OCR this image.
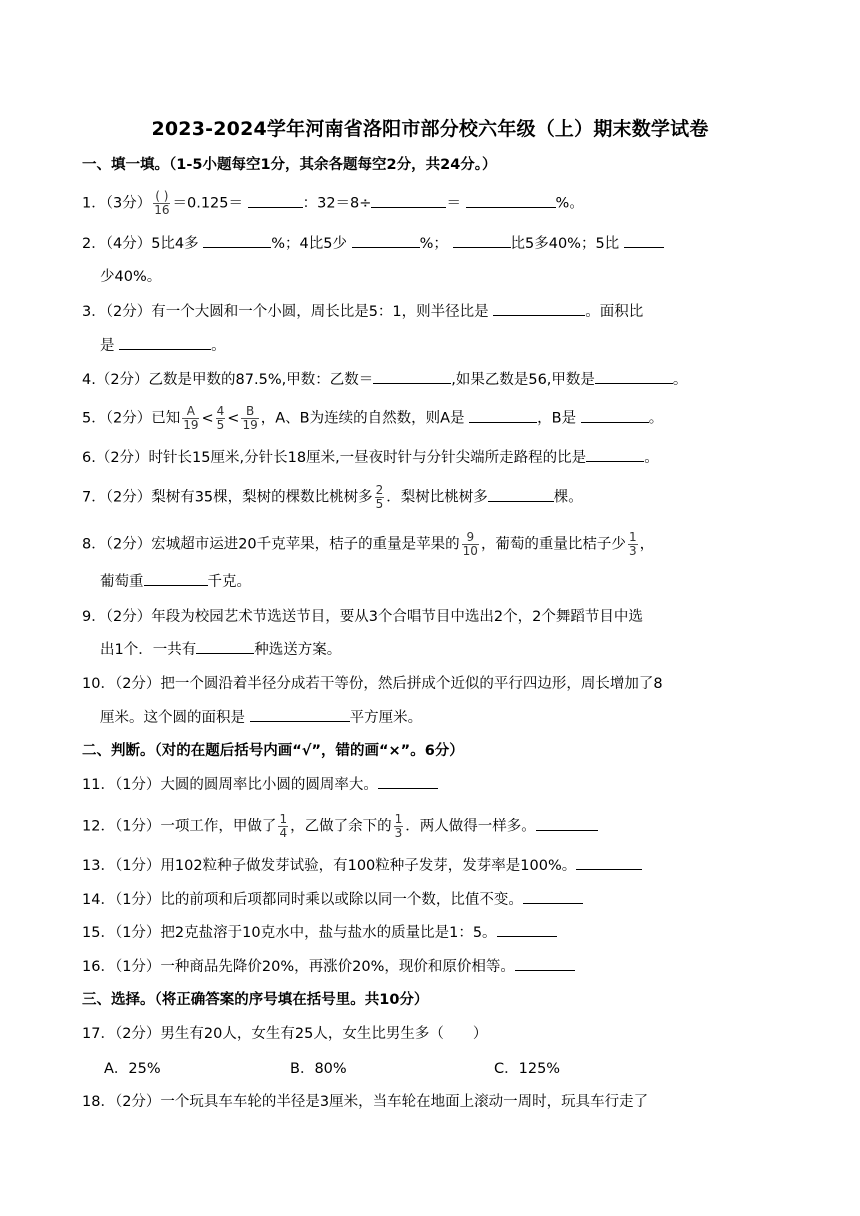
2023-2024学年河南省洛阳市部分校六年级（上）期末数学试卷
一、填一填。（1-5小题每空1分，其余各题每空2分，共24分。）
1．（3分） $\frac{( )}{16} =0.125=$	：32＝8÷	＝	%。
2．（4分）5比4多	%；4比5少	%；	比5多40%；5比
少40%。
3．（2分）有一个大圆和一个小圆，周长比是5：1，则半径比是	。面积比
是	。
4.（2分）乙数是甲数的87.5%,甲数：乙数＝	,如果乙数是56,甲数是	。
5．（2分）已知 $\frac{A}{19} < \frac{4}{5} < \frac{B}{19}$ ，A、B为连续的自然数，则A是	，B是	。
6.（2分）时针长15厘米,分针长18厘米,一昼夜时针与分针尖端所走路程的比是	。
7．（2分）梨树有35棵，梨树的棵数比桃树多 $\frac{2}{5}$ ．梨树比桃树多	棵。
8．（2分）宏城超市运进20千克苹果，桔子的重量是苹果的 $\frac{9}{10}$ ，葡萄的重量比桔子少 $\frac{1}{3}$ ，
葡萄重	千克。
9．（2分）年段为校园艺术节选送节目，要从3个合唱节目中选出2个，2个舞蹈节目中选
出1个．一共有	种选送方案。
10．（2分）把一个圆沿着半径分成若干等份，然后拼成个近似的平行四边形，周长增加了8
厘米。这个圆的面积是	平方厘米。
二、判断。（对的在题后括号内画“√”，错的画“×”。6分）
11．（1分）大圆的圆周率比小圆的圆周率大。
12．（1分）一项工作，甲做了 $\frac{1}{4}$ ，乙做了余下的 $\frac{1}{3}$ ．两人做得一样多。
13．（1分）用102粒种子做发芽试验，有100粒种子发芽，发芽率是100%。
14．（1分）比的前项和后项都同时乘以或除以同一个数，比值不变。
15．（1分）把2克盐溶于10克水中，盐与盐水的质量比是1：5。
16．（1分）一种商品先降价20%，再涨价20%，现价和原价相等。
三、选择。（将正确答案的序号填在括号里。共10分）
17．（2分）男生有20人，女生有25人，女生比男生多（　　）
A．25%	B．80%	C．125%
18．（2分）一个玩具车车轮的半径是3厘米，当车轮在地面上滚动一周时，玩具车行走了
